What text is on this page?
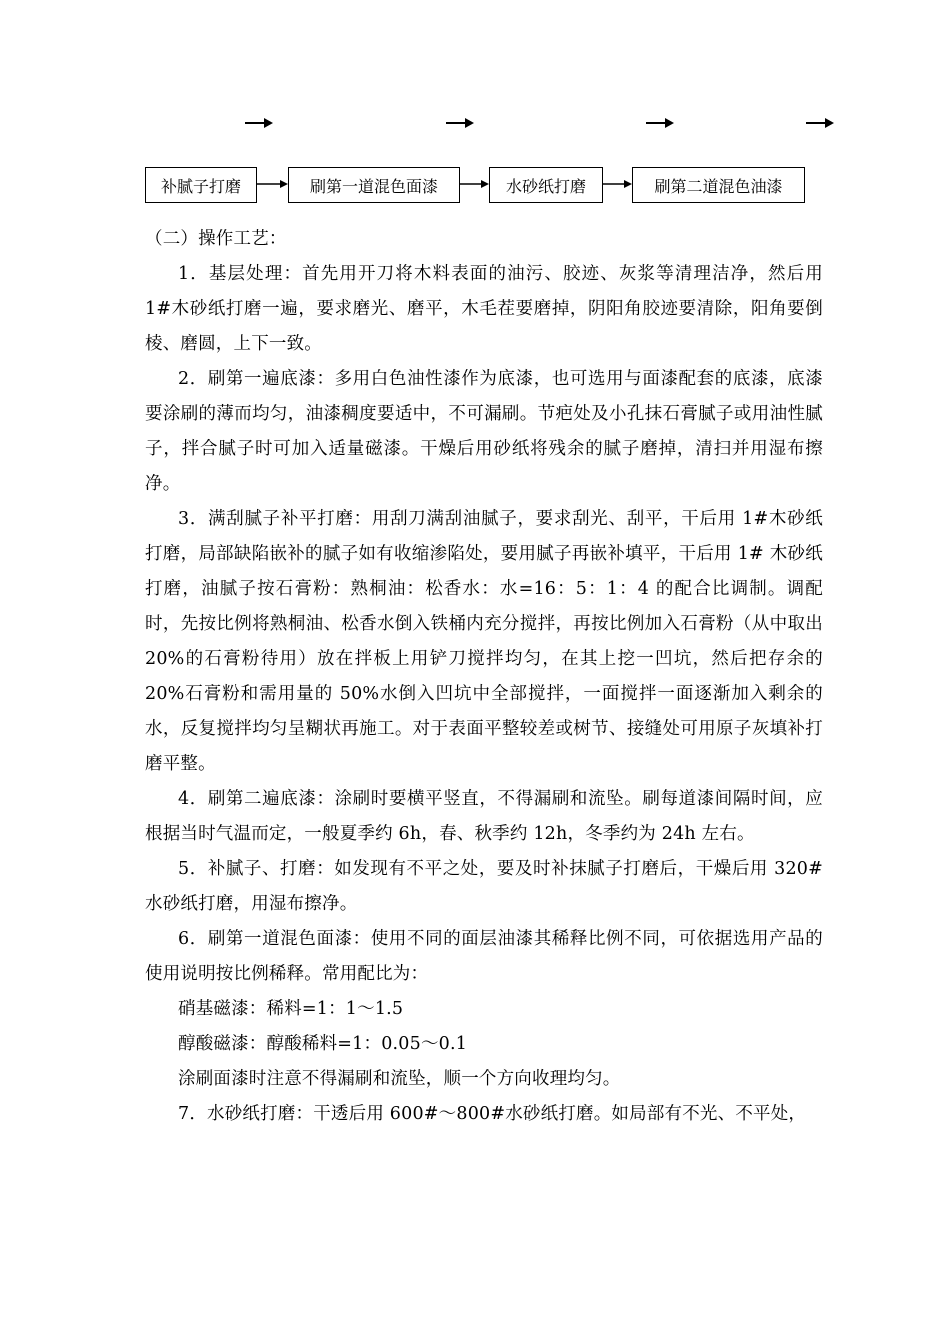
补腻子打磨	刷第一道混色面漆	水砂纸打磨	刷第二道混色油漆

（二）操作工艺：

1．基层处理：首先用开刀将木料表面的油污、胶迹、灰浆等清理洁净，然后用 1#木砂纸打磨一遍，要求磨光、磨平，木毛茬要磨掉，阴阳角胶迹要清除，阳角要倒棱、磨圆，上下一致。

2．刷第一遍底漆：多用白色油性漆作为底漆，也可选用与面漆配套的底漆，底漆要涂刷的薄而均匀，油漆稠度要适中，不可漏刷。节疤处及小孔抹石膏腻子或用油性腻子，拌合腻子时可加入适量磁漆。干燥后用砂纸将残余的腻子磨掉，清扫并用湿布擦净。

3．满刮腻子补平打磨：用刮刀满刮油腻子，要求刮光、刮平，干后用 1#木砂纸打磨，局部缺陷嵌补的腻子如有收缩渗陷处，要用腻子再嵌补填平，干后用 1# 木砂纸打磨，油腻子按石膏粉：熟桐油：松香水：水=16：5：1：4 的配合比调制。调配时，先按比例将熟桐油、松香水倒入铁桶内充分搅拌，再按比例加入石膏粉（从中取出 20%的石膏粉待用）放在拌板上用铲刀搅拌均匀，在其上挖一凹坑，然后把存余的 20%石膏粉和需用量的 50%水倒入凹坑中全部搅拌，一面搅拌一面逐渐加入剩余的水，反复搅拌均匀呈糊状再施工。对于表面平整较差或树节、接缝处可用原子灰填补打磨平整。

4．刷第二遍底漆：涂刷时要横平竖直，不得漏刷和流坠。刷每道漆间隔时间，应根据当时气温而定，一般夏季约 6h，春、秋季约 12h，冬季约为 24h 左右。

5．补腻子、打磨：如发现有不平之处，要及时补抹腻子打磨后，干燥后用 320# 水砂纸打磨，用湿布擦净。

6．刷第一道混色面漆：使用不同的面层油漆其稀释比例不同，可依据选用产品的使用说明按比例稀释。常用配比为：

硝基磁漆：稀料=1：1～1.5

醇酸磁漆：醇酸稀料=1：0.05～0.1

涂刷面漆时注意不得漏刷和流坠，顺一个方向收理均匀。

7．水砂纸打磨：干透后用 600#～800#水砂纸打磨。如局部有不光、不平处，
